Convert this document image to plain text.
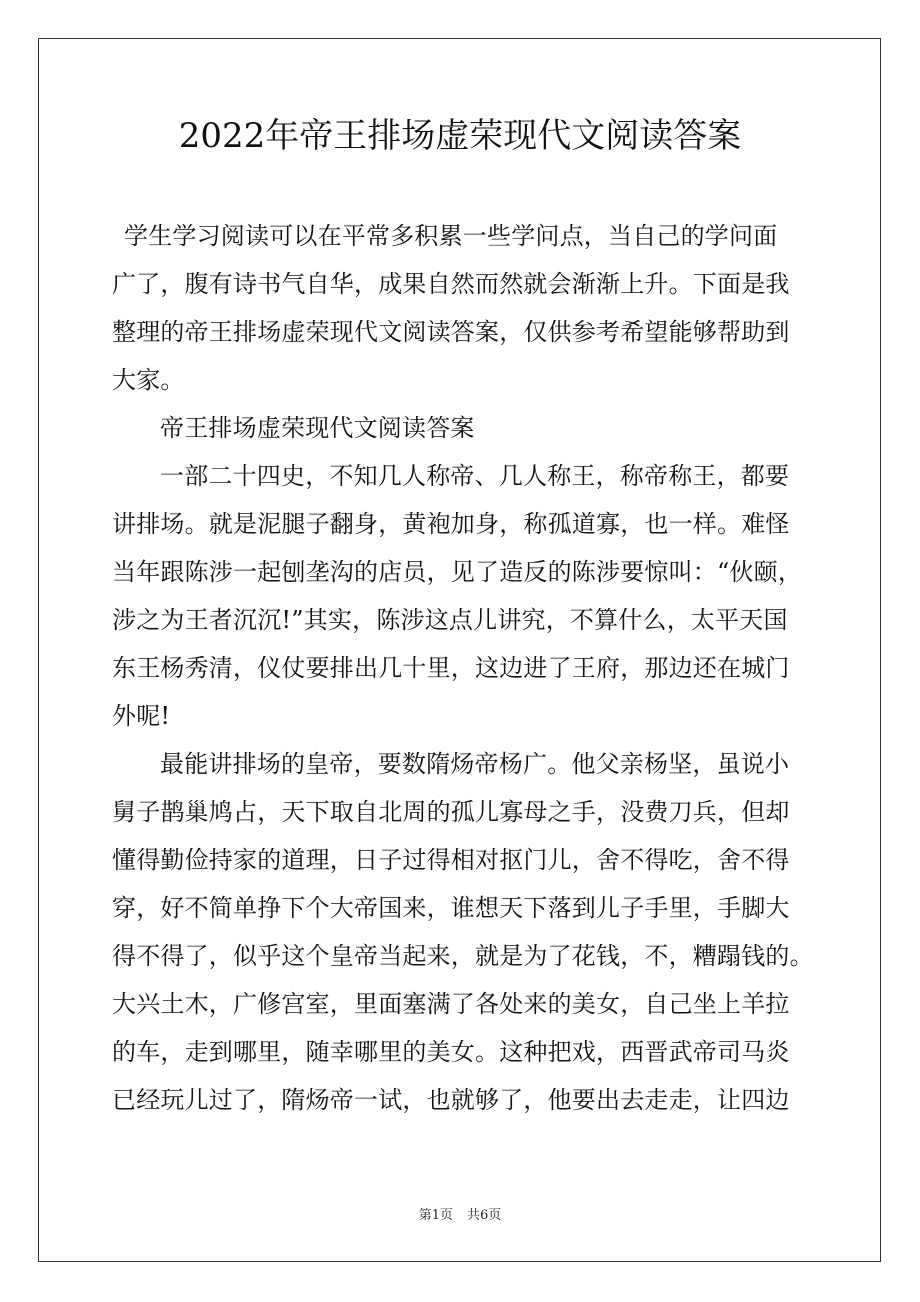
2022年帝王排场虚荣现代文阅读答案
学生学习阅读可以在平常多积累一些学问点，当自己的学问面
广了，腹有诗书气自华，成果自然而然就会渐渐上升。下面是我
整理的帝王排场虚荣现代文阅读答案，仅供参考希望能够帮助到
大家。
帝王排场虚荣现代文阅读答案
一部二十四史，不知几人称帝、几人称王，称帝称王，都要
讲排场。就是泥腿子翻身，黄袍加身，称孤道寡，也一样。难怪
当年跟陈涉一起刨垄沟的店员，见了造反的陈涉要惊叫：“伙颐，
涉之为王者沉沉!”其实，陈涉这点儿讲究，不算什么，太平天国
东王杨秀清，仪仗要排出几十里，这边进了王府，那边还在城门
外呢!
最能讲排场的皇帝，要数隋炀帝杨广。他父亲杨坚，虽说小
舅子鹊巢鸠占，天下取自北周的孤儿寡母之手，没费刀兵，但却
懂得勤俭持家的道理，日子过得相对抠门儿，舍不得吃，舍不得
穿，好不简单挣下个大帝国来，谁想天下落到儿子手里，手脚大
得不得了，似乎这个皇帝当起来，就是为了花钱，不，糟蹋钱的。
大兴土木，广修宫室，里面塞满了各处来的美女，自己坐上羊拉
的车，走到哪里，随幸哪里的美女。这种把戏，西晋武帝司马炎
已经玩儿过了，隋炀帝一试，也就够了，他要出去走走，让四边
第1页 共6页
